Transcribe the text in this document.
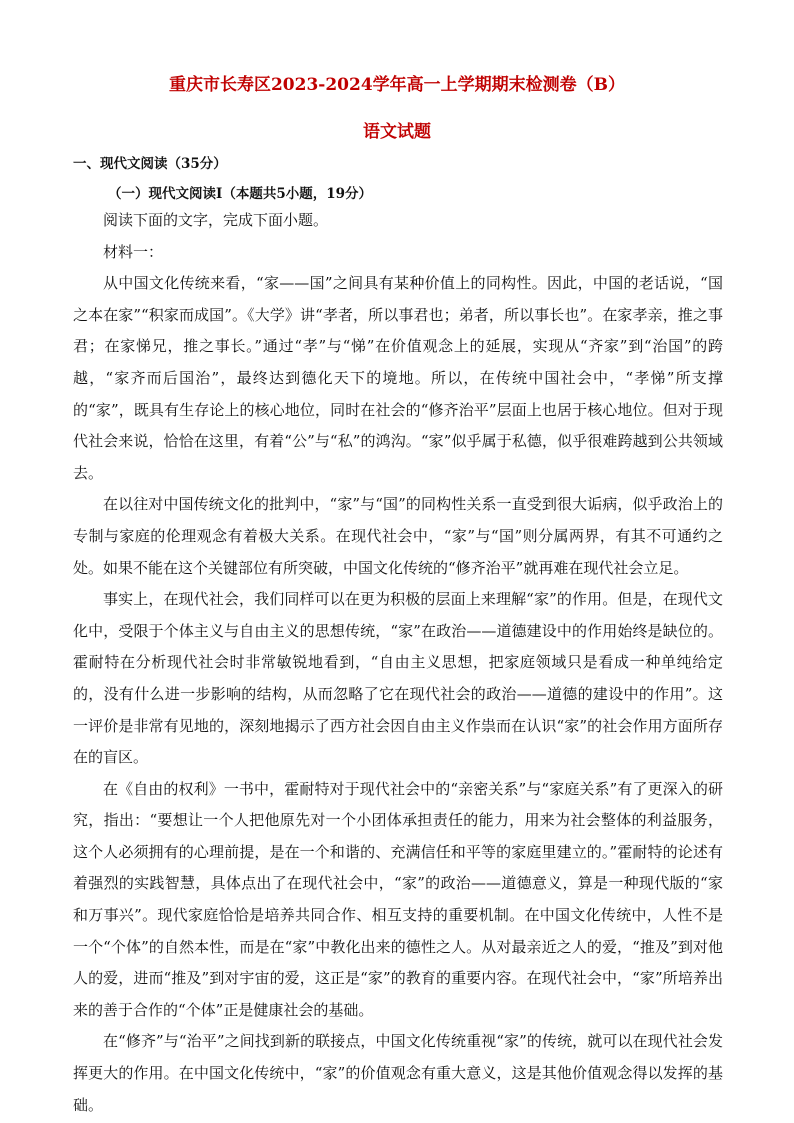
重庆市长寿区2023-2024学年高一上学期期末检测卷（B）
语文试题
一、现代文阅读（35分）
（一）现代文阅读Ⅰ（本题共5小题，19分）

阅读下面的文字，完成下面小题。

材料一：

从中国文化传统来看，“家——国”之间具有某种价值上的同构性。因此，中国的老话说，“国之本在家”“积家而成国”。《大学》讲“孝者，所以事君也；弟者，所以事长也”。在家孝亲，推之事君；在家悌兄，推之事长。”通过“孝”与“悌”在价值观念上的延展，实现从“齐家”到“治国”的跨越，“家齐而后国治”，最终达到德化天下的境地。所以，在传统中国社会中，“孝悌”所支撑的“家”，既具有生存论上的核心地位，同时在社会的“修齐治平”层面上也居于核心地位。但对于现代社会来说，恰恰在这里，有着“公”与“私”的鸿沟。“家”似乎属于私德，似乎很难跨越到公共领域去。

在以往对中国传统文化的批判中，“家”与“国”的同构性关系一直受到很大诟病，似乎政治上的专制与家庭的伦理观念有着极大关系。在现代社会中，“家”与“国”则分属两界，有其不可通约之处。如果不能在这个关键部位有所突破，中国文化传统的“修齐治平”就再难在现代社会立足。

事实上，在现代社会，我们同样可以在更为积极的层面上来理解“家”的作用。但是，在现代文化中，受限于个体主义与自由主义的思想传统，“家”在政治——道德建设中的作用始终是缺位的。霍耐特在分析现代社会时非常敏锐地看到，“自由主义思想，把家庭领域只是看成一种单纯给定的，没有什么进一步影响的结构，从而忽略了它在现代社会的政治——道德的建设中的作用”。这一评价是非常有见地的，深刻地揭示了西方社会因自由主义作祟而在认识“家”的社会作用方面所存在的盲区。

在《自由的权利》一书中，霍耐特对于现代社会中的“亲密关系”与“家庭关系”有了更深入的研究，指出：“要想让一个人把他原先对一个小团体承担责任的能力，用来为社会整体的利益服务，这个人必须拥有的心理前提，是在一个和谐的、充满信任和平等的家庭里建立的。”霍耐特的论述有着强烈的实践智慧，具体点出了在现代社会中，“家”的政治——道德意义，算是一种现代版的“家和万事兴”。现代家庭恰恰是培养共同合作、相互支持的重要机制。在中国文化传统中，人性不是一个“个体”的自然本性，而是在“家”中教化出来的德性之人。从对最亲近之人的爱，“推及”到对他人的爱，进而“推及”到对宇宙的爱，这正是“家”的教育的重要内容。在现代社会中，“家”所培养出来的善于合作的“个体”正是健康社会的基础。

在“修齐”与“治平”之间找到新的联接点，中国文化传统重视“家”的传统，就可以在现代社会发挥更大的作用。在中国文化传统中，“家”的价值观念有重大意义，这是其他价值观念得以发挥的基础。
